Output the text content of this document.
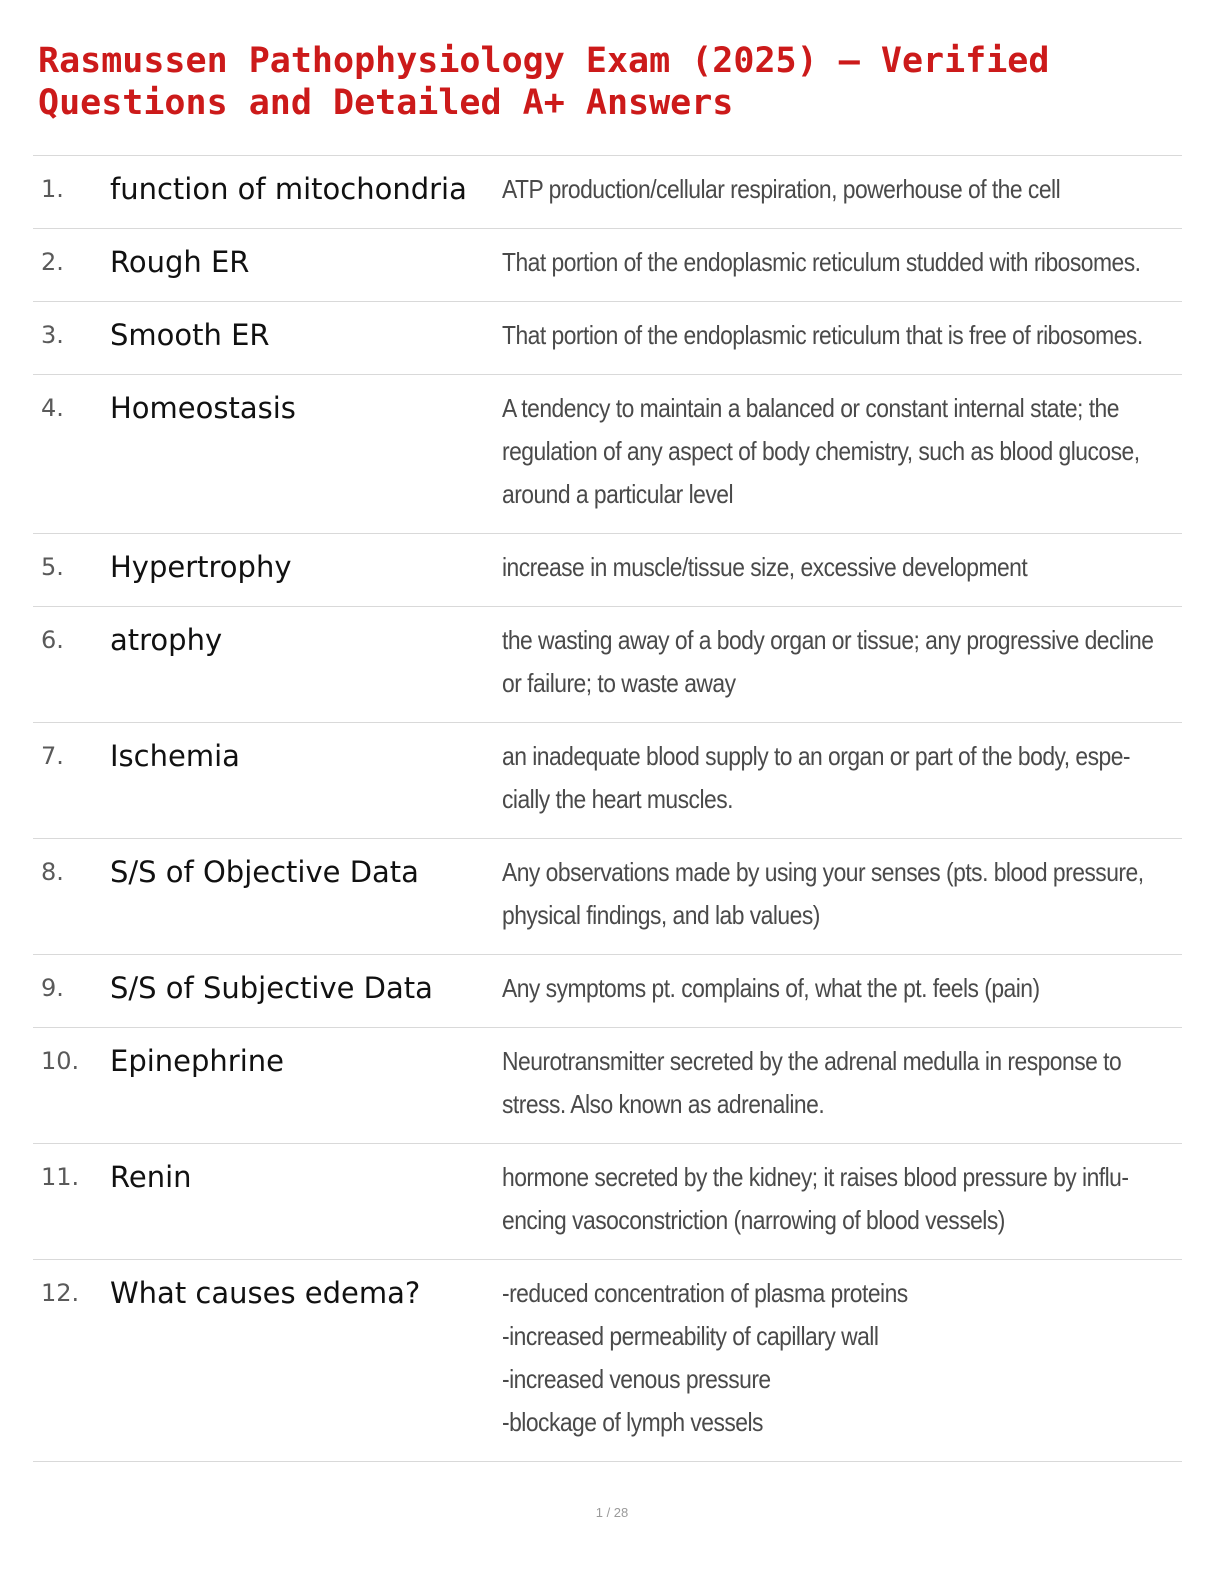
Rasmussen Pathophysiology Exam (2025) – Verified
Questions and Detailed A+ Answers
1.	function of mitochondria	ATP production/cellular respiration, powerhouse of the cell
2.	Rough ER	That portion of the endoplasmic reticulum studded with ribosomes.
3.	Smooth ER	That portion of the endoplasmic reticulum that is free of ribosomes.
4.	Homeostasis	A tendency to maintain a balanced or constant internal state; the
regulation of any aspect of body chemistry, such as blood glucose,
around a particular level
5.	Hypertrophy	increase in muscle/tissue size, excessive development
6.	atrophy	the wasting away of a body organ or tissue; any progressive decline
or failure; to waste away
7.	Ischemia	an inadequate blood supply to an organ or part of the body, espe-
cially the heart muscles.
8.	S/S of Objective Data	Any observations made by using your senses (pts. blood pressure,
physical findings, and lab values)
9.	S/S of Subjective Data	Any symptoms pt. complains of, what the pt. feels (pain)
10.	Epinephrine	Neurotransmitter secreted by the adrenal medulla in response to
stress. Also known as adrenaline.
11.	Renin	hormone secreted by the kidney; it raises blood pressure by influ-
encing vasoconstriction (narrowing of blood vessels)
12.	What causes edema?	-reduced concentration of plasma proteins
-increased permeability of capillary wall
-increased venous pressure
-blockage of lymph vessels
1 / 28
